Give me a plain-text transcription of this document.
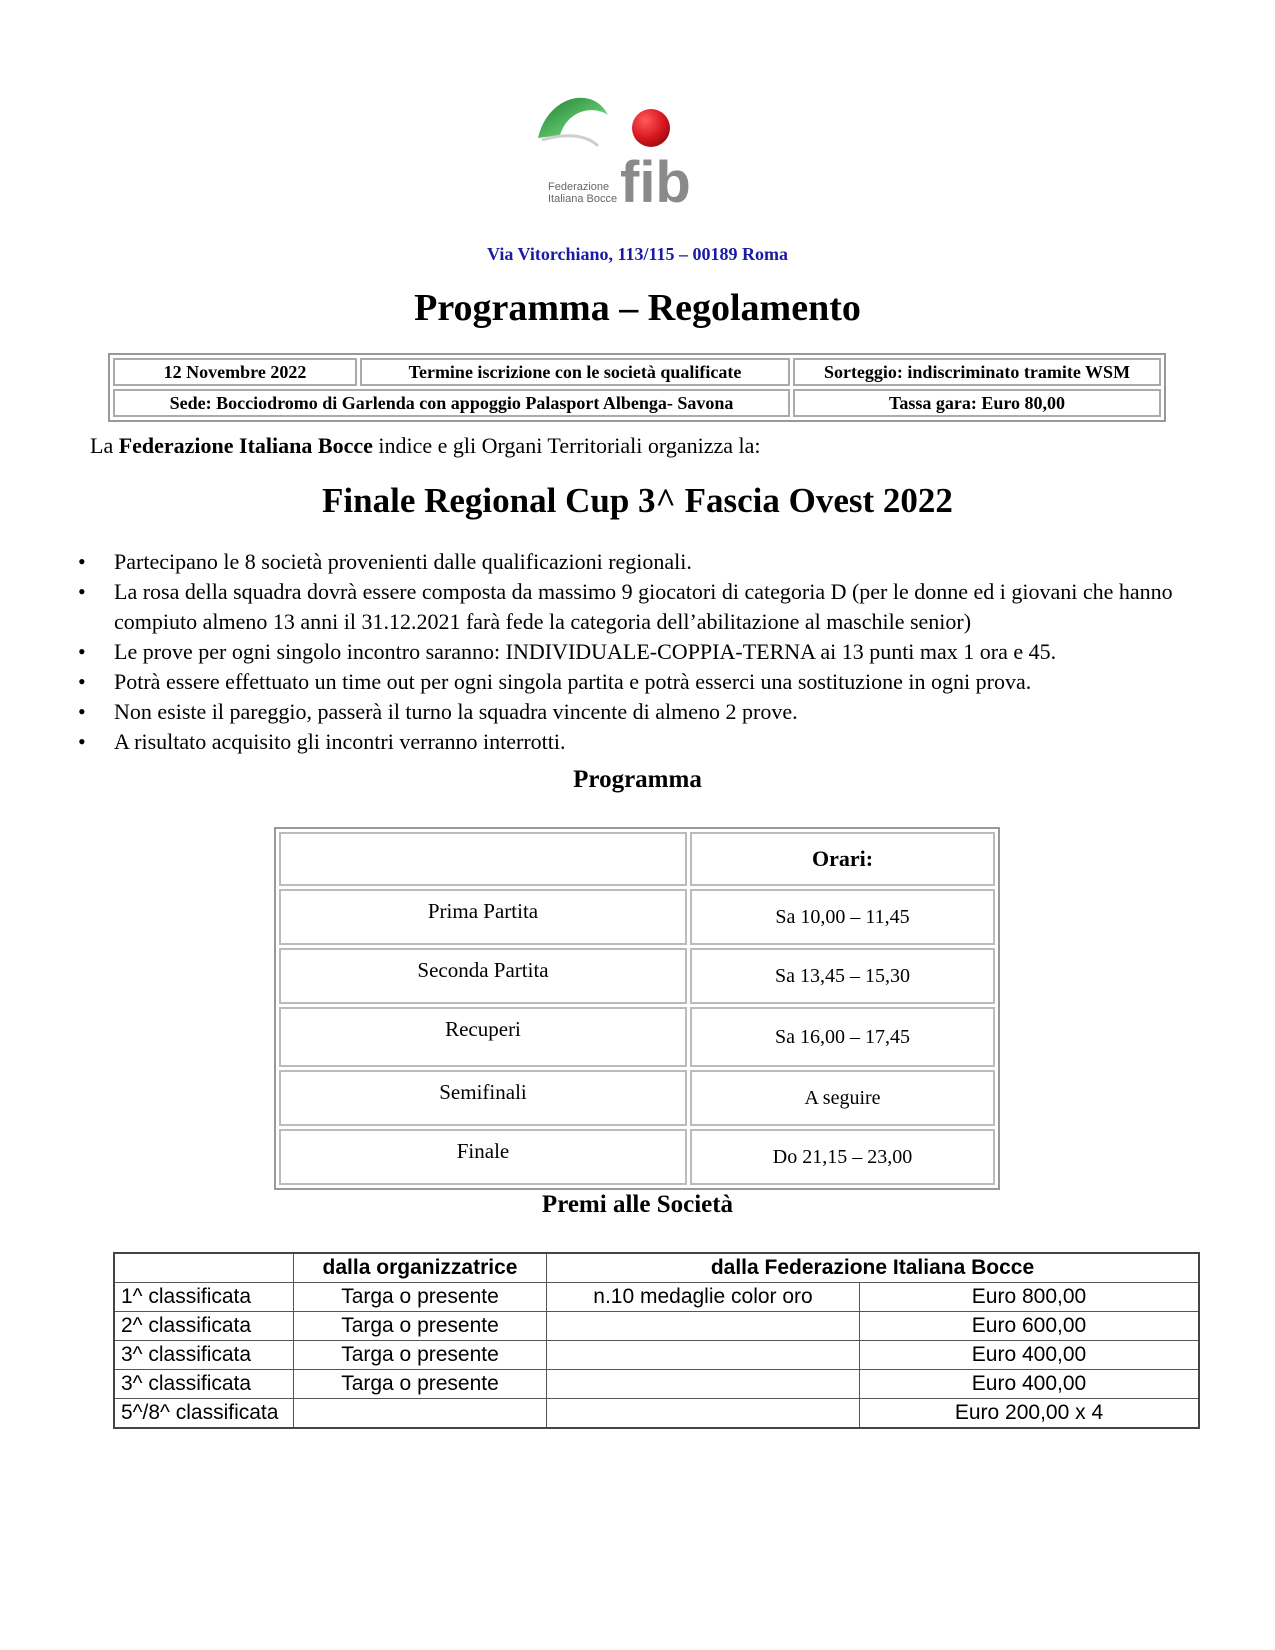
Federazione
Italiana Bocce fib
Via Vitorchiano, 113/115 – 00189 Roma
Programma – Regolamento
12 Novembre 2022	Termine iscrizione con le società qualificate	Sorteggio: indiscriminato tramite WSM
Sede: Bocciodromo di Garlenda con appoggio Palasport Albenga- Savona		Tassa gara: Euro 80,00
La Federazione Italiana Bocce indice e gli Organi Territoriali organizza la:
Finale Regional Cup 3^ Fascia Ovest 2022
• Partecipano le 8 società provenienti dalle qualificazioni regionali.
• La rosa della squadra dovrà essere composta da massimo 9 giocatori di categoria D (per le donne ed i giovani che hanno compiuto almeno 13 anni il 31.12.2021 farà fede la categoria dell’abilitazione al maschile senior)
• Le prove per ogni singolo incontro saranno: INDIVIDUALE-COPPIA-TERNA ai 13 punti max 1 ora e 45.
• Potrà essere effettuato un time out per ogni singola partita e potrà esserci una sostituzione in ogni prova.
• Non esiste il pareggio, passerà il turno la squadra vincente di almeno 2 prove.
• A risultato acquisito gli incontri verranno interrotti.
Programma
	Orari:
Prima Partita	Sa 10,00 – 11,45
Seconda Partita	Sa 13,45 – 15,30
Recuperi	Sa 16,00 – 17,45
Semifinali	A seguire
Finale	Do 21,15 – 23,00
Premi alle Società
	dalla organizzatrice	dalla Federazione Italiana Bocce	
1^ classificata	Targa o presente	n.10 medaglie color oro	Euro 800,00
2^ classificata	Targa o presente		Euro 600,00
3^ classificata	Targa o presente		Euro 400,00
3^ classificata	Targa o presente		Euro 400,00
5^/8^ classificata			Euro 200,00 x 4
